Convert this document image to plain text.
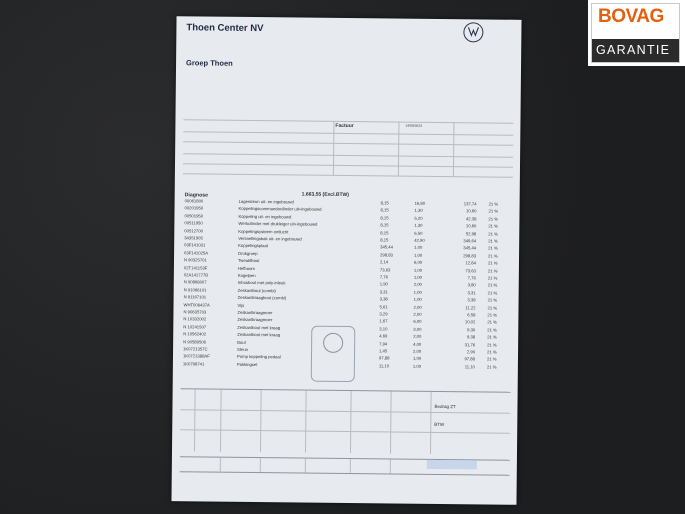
Thoen Center NV
Groep Thoen
Factuur	14/08/2023
Diagnose	1.663,55 (Excl.BTW)
00061800	Lagersteun uit- en ingebouwd	8,15	16,80	137,74	21 %
00201950	Koppelingscommandocilinder uit+ingebouwd	8,15	1,30	10,60	21 %
00501950	Koppeling uit- en ingebouwd	8,15	5,20	42,38	21 %
00511950	Werkcilinder met drukleiger uit+ingebouwd	8,15	1,30	10,60	21 %
00512700	Koppelingsysteem ontlucht	8,15	6,50	52,98	21 %
34351905	Versnellingsbak uit- en ingebouwd	8,15	42,90	349,64	21 %
03F141031	Koppelingsplaat	345,44	1,00	345,44	21 %
03F141025A	Drukgroep	298,83	1,00	298,83	21 %
N 90325701	Tweakfbout	2,14	6,00	12,84	21 %
02T141153F	Hefboom	73,63	1,00	73,63	21 %
02A141777B	Kogelpen	7,76	1,00	7,76	21 %
N 90898007	Inbusbout met poly-inleuk	1,90	2,00	3,80	21 %
N 91066101	Zeskantbout (combi)	3,31	1,00	3,31	21 %
N 91167101	Zeskantkraagbout (combi)	3,38	1,00	3,38	21 %
WHT006437A	Vijs	5,61	2,00	11,22	21 %
N 90635703	Zeskantkraagmoer	3,29	2,00	6,58	21 %
N 10332002	Zeskantkraagmoer	1,67	6,00	10,02	21 %
N 10241507	Zeskantbout met kraag	3,10	3,00	9,30	21 %
N 10562402	Zeskantbout met kraag	4,69	2,00	9,38	21 %
N 90589506	Bout	7,94	4,00	31,76	21 %
1K0721357C	Steun	1,45	2,00	2,90	21 %
1K0721388AF	Pomp koppeling pedaal	97,88	1,00	97,88	21 %
1K0798741	Pakkingset	11,10	1,00	11,10	21 %
Bedrag ZT
BTW
BOVAG
GARANTIE
